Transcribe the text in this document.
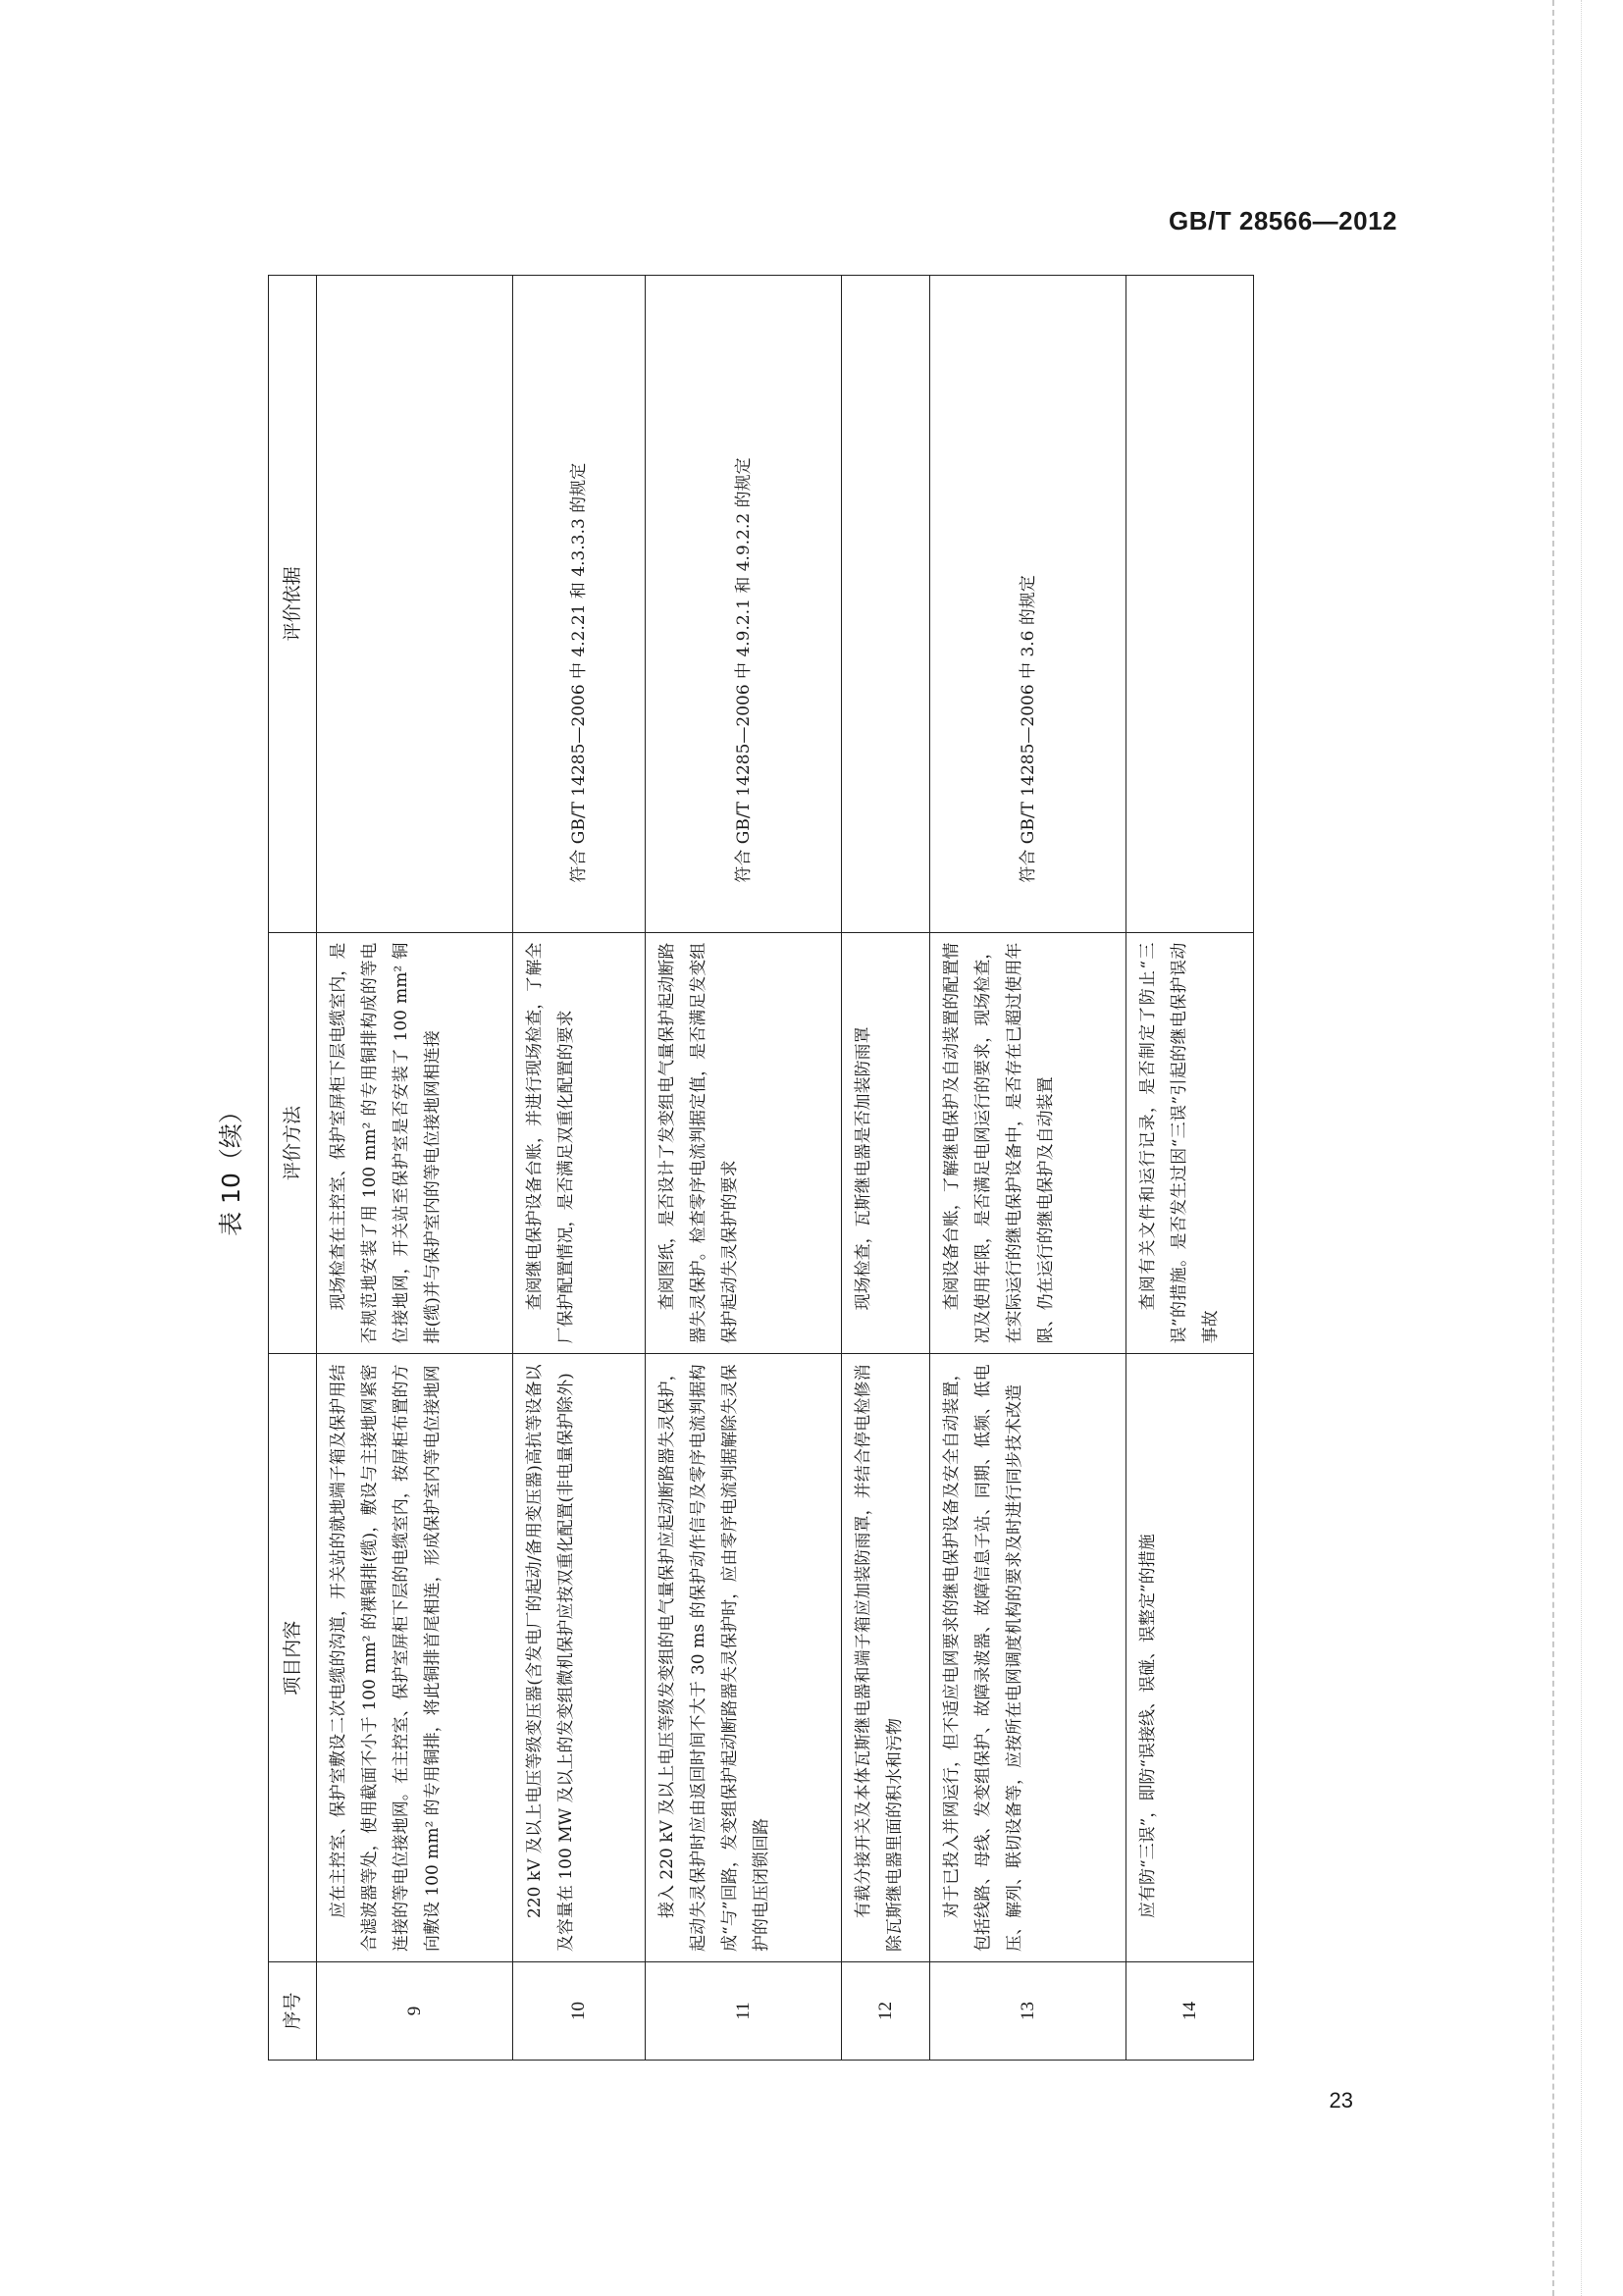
GB/T 28566—2012
表 10（续）
序号	项目内容	评价方法	评价依据
9	应在主控室、保护室敷设二次电缆的沟道，开关站的就地端子箱及保护用结合滤波器等处，使用截面不小于 100 mm² 的裸铜排(缆)，敷设与主接地网紧密连接的等电位接地网。在主控室、保护室屏柜下层的电缆室内，按屏柜布置的方向敷设 100 mm² 的专用铜排，将此铜排首尾相连，形成保护室内等电位接地网	现场检查在主控室、保护室屏柜下层电缆室内，是否规范地安装了用 100 mm² 的专用铜排构成的等电位接地网，开关站至保护室是否安装了 100 mm² 铜排(缆)并与保护室内的等电位接地网相连接	
10	220 kV 及以上电压等级变压器(含发电厂的起动/备用变压器)高抗等设备以及容量在 100 MW 及以上的发变组微机保护应按双重化配置(非电量保护除外)	查阅继电保护设备台账，并进行现场检查，了解全厂保护配置情况，是否满足双重化配置的要求	符合 GB/T 14285—2006 中 4.2.21 和 4.3.3.3 的规定
11	接入 220 kV 及以上电压等级发变组的电气量保护应起动断路器失灵保护，起动失灵保护时应由返回时间不大于 30 ms 的保护动作信号及零序电流判据构成“与”回路，发变组保护起动断路器失灵保护时，应由零序电流判据解除失灵保护的电压闭锁回路	查阅图纸，是否设计了发变组电气量保护起动断路器失灵保护。检查零序电流判据定值，是否满足发变组保护起动失灵保护的要求	符合 GB/T 14285—2006 中 4.9.2.1 和 4.9.2.2 的规定
12	有载分接开关及本体瓦斯继电器和端子箱应加装防雨罩，并结合停电检修消除瓦斯继电器里面的积水和污物	现场检查，瓦斯继电器是否加装防雨罩	
13	对于已投入并网运行，但不适应电网要求的继电保护设备及安全自动装置，包括线路、母线、发变组保护、故障录波器、故障信息子站、同期、低频、低电压、解列、联切设备等，应按所在电网调度机构的要求及时进行同步技术改造	查阅设备台账，了解继电保护及自动装置的配置情况及使用年限，是否满足电网运行的要求，现场检查，在实际运行的继电保护设备中，是否存在已超过使用年限、仍在运行的继电保护及自动装置	符合 GB/T 14285—2006 中 3.6 的规定
14	应有防“三误”，即防“误接线、误碰、误整定”的措施	查阅有关文件和运行记录，是否制定了防止“三误”的措施。是否发生过因“三误”引起的继电保护误动事故	
23
